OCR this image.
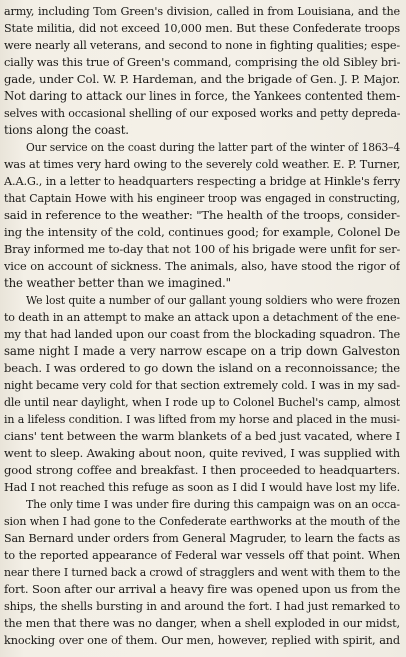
army, including Tom Green's division, called in from Louisiana, and the
State militia, did not exceed 10,000 men. But these Confederate troops
were nearly all veterans, and second to none in fighting qualities; espe-
cially was this true of Green's command, comprising the old Sibley bri-
gade, under Col. W. P. Hardeman, and the brigade of Gen. J. P. Major.
Not daring to attack our lines in force, the Yankees contented them-
selves with occasional shelling of our exposed works and petty depreda-
tions along the coast.

Our service on the coast during the latter part of the winter of 1863–4
was at times very hard owing to the severely cold weather. E. P. Turner,
A.A.G., in a letter to headquarters respecting a bridge at Hinkle's ferry
that Captain Howe with his engineer troop was engaged in constructing,
said in reference to the weather: "The health of the troops, consider-
ing the intensity of the cold, continues good; for example, Colonel De
Bray informed me to-day that not 100 of his brigade were unfit for ser-
vice on account of sickness. The animals, also, have stood the rigor of
the weather better than we imagined."

We lost quite a number of our gallant young soldiers who were frozen
to death in an attempt to make an attack upon a detachment of the ene-
my that had landed upon our coast from the blockading squadron. The
same night I made a very narrow escape on a trip down Galveston
beach. I was ordered to go down the island on a reconnoissance; the
night became very cold for that section extremely cold. I was in my sad-
dle until near daylight, when I rode up to Colonel Buchel's camp, almost
in a lifeless condition. I was lifted from my horse and placed in the musi-
cians' tent between the warm blankets of a bed just vacated, where I
went to sleep. Awaking about noon, quite revived, I was supplied with
good strong coffee and breakfast. I then proceeded to headquarters.
Had I not reached this refuge as soon as I did I would have lost my life.

The only time I was under fire during this campaign was on an occa-
sion when I had gone to the Confederate earthworks at the mouth of the
San Bernard under orders from General Magruder, to learn the facts as
to the reported appearance of Federal war vessels off that point. When
near there I turned back a crowd of stragglers and went with them to the
fort. Soon after our arrival a heavy fire was opened upon us from the
ships, the shells bursting in and around the fort. I had just remarked to
the men that there was no danger, when a shell exploded in our midst,
knocking over one of them. Our men, however, replied with spirit, and
